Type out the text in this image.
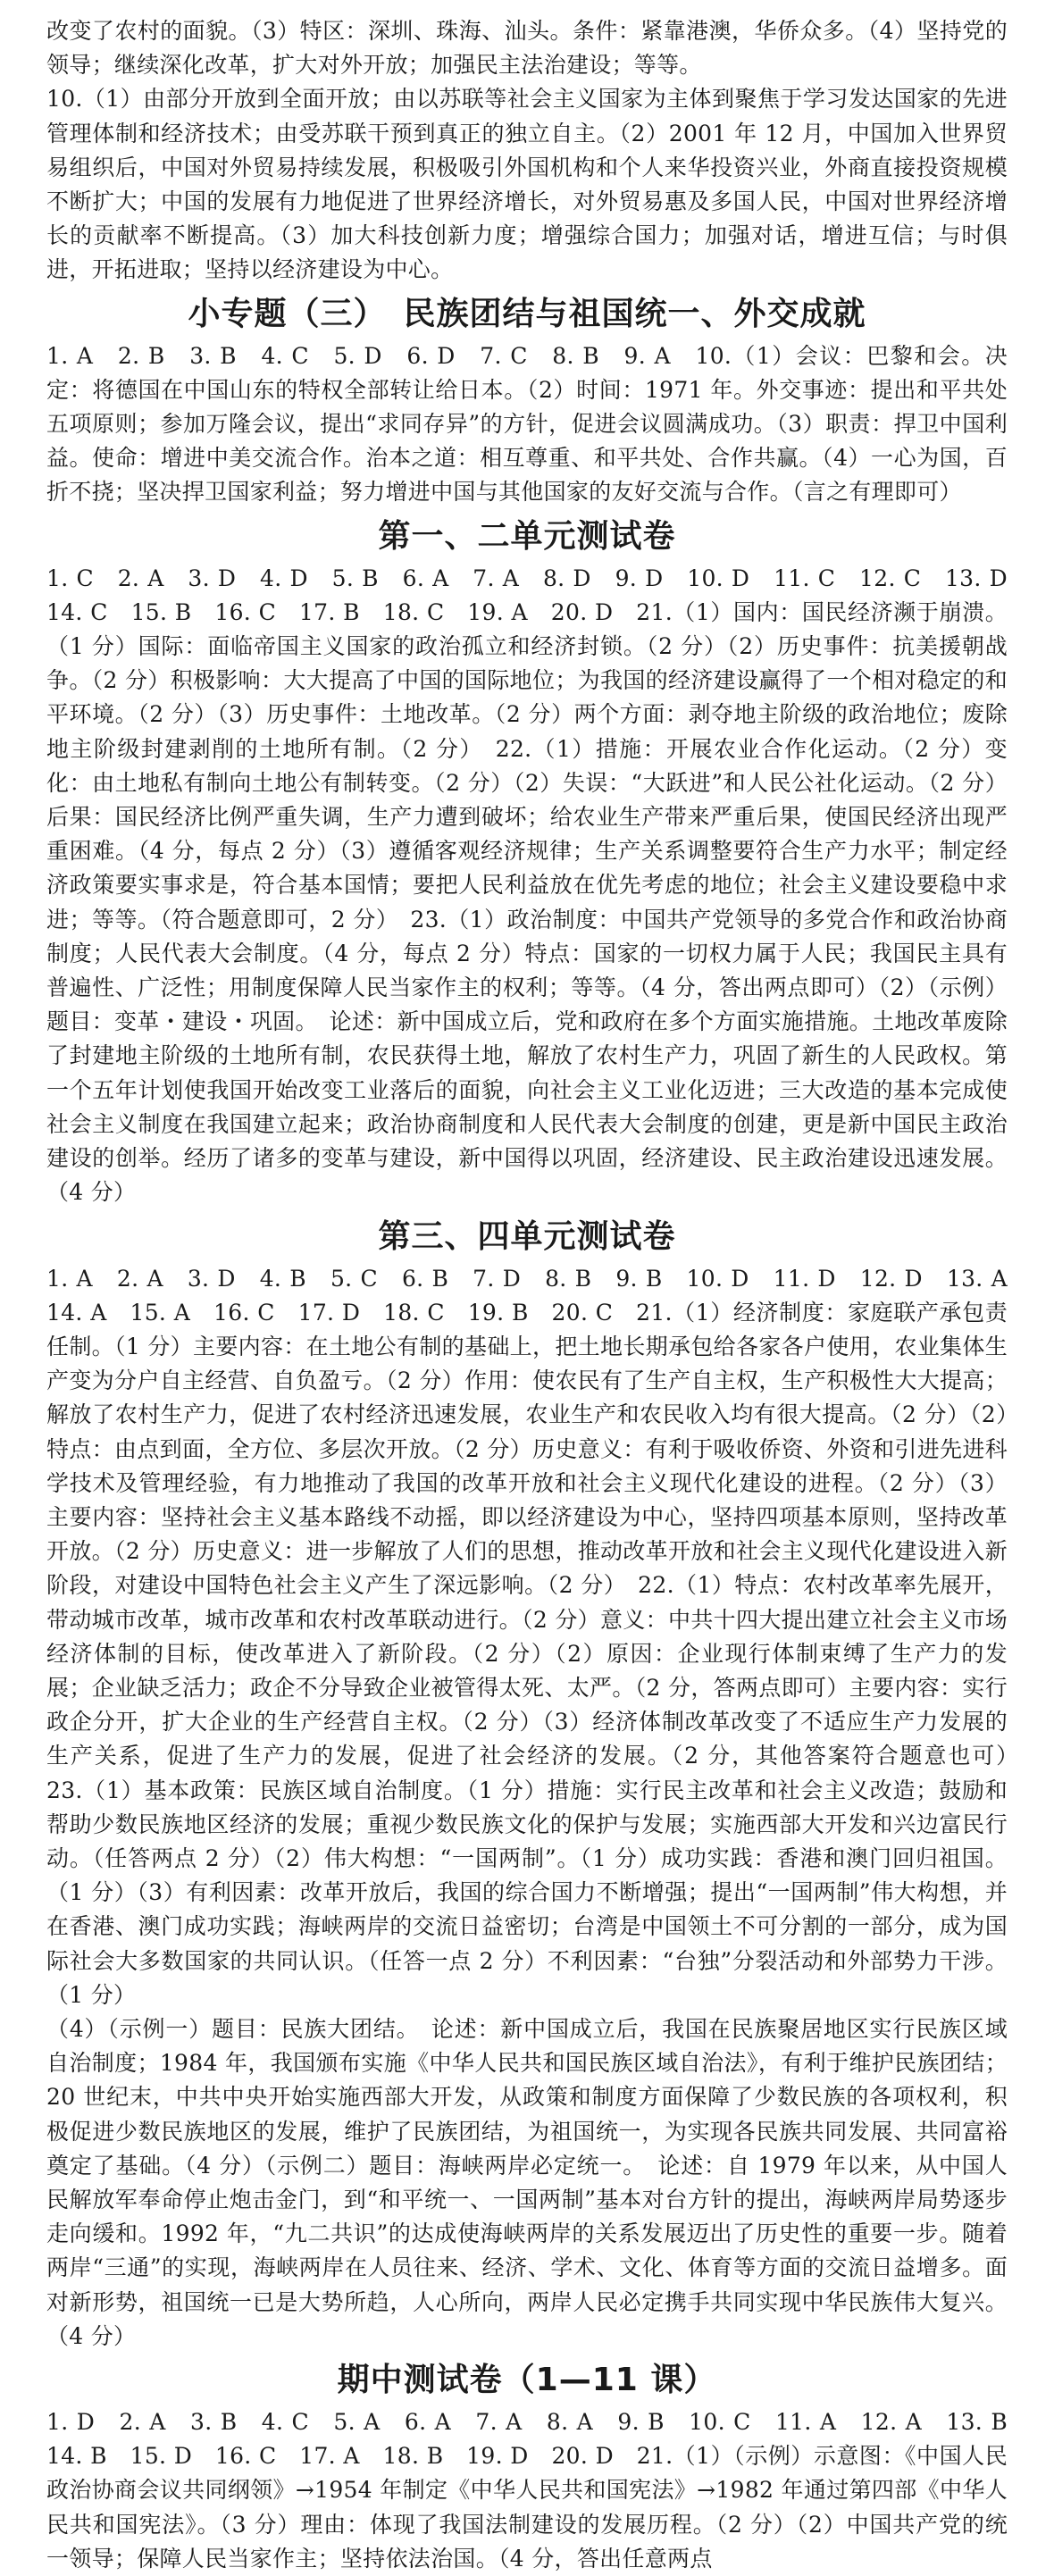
改变了农村的面貌。（3）特区：深圳、珠海、汕头。条件：紧靠港澳，华侨众多。（4）坚持党的领导；继续深化改革，扩大对外开放；加强民主法治建设；等等。

10.（1）由部分开放到全面开放；由以苏联等社会主义国家为主体到聚焦于学习发达国家的先进管理体制和经济技术；由受苏联干预到真正的独立自主。（2）2001 年 12 月，中国加入世界贸易组织后，中国对外贸易持续发展，积极吸引外国机构和个人来华投资兴业，外商直接投资规模不断扩大；中国的发展有力地促进了世界经济增长，对外贸易惠及多国人民，中国对世界经济增长的贡献率不断提高。（3）加大科技创新力度；增强综合国力；加强对话，增进互信；与时俱进，开拓进取；坚持以经济建设为中心。

小专题（三）　民族团结与祖国统一、外交成就

1. A　2. B　3. B　4. C　5. D　6. D　7. C　8. B　9. A　10.（1）会议：巴黎和会。决定：将德国在中国山东的特权全部转让给日本。（2）时间：1971 年。外交事迹：提出和平共处五项原则；参加万隆会议，提出“求同存异”的方针，促进会议圆满成功。（3）职责：捍卫中国利益。使命：增进中美交流合作。治本之道：相互尊重、和平共处、合作共赢。（4）一心为国，百折不挠；坚决捍卫国家利益；努力增进中国与其他国家的友好交流与合作。（言之有理即可）

第一、二单元测试卷

1. C　2. A　3. D　4. D　5. B　6. A　7. A　8. D　9. D　10. D　11. C　12. C　13. D　14. C　15. B　16. C　17. B　18. C　19. A　20. D　21.（1）国内：国民经济濒于崩溃。（1 分）国际：面临帝国主义国家的政治孤立和经济封锁。（2 分）（2）历史事件：抗美援朝战争。（2 分）积极影响：大大提高了中国的国际地位；为我国的经济建设赢得了一个相对稳定的和平环境。（2 分）（3）历史事件：土地改革。（2 分）两个方面：剥夺地主阶级的政治地位；废除地主阶级封建剥削的土地所有制。（2 分）　22.（1）措施：开展农业合作化运动。（2 分）变化：由土地私有制向土地公有制转变。（2 分）（2）失误：“大跃进”和人民公社化运动。（2 分）后果：国民经济比例严重失调，生产力遭到破坏；给农业生产带来严重后果，使国民经济出现严重困难。（4 分，每点 2 分）（3）遵循客观经济规律；生产关系调整要符合生产力水平；制定经济政策要实事求是，符合基本国情；要把人民利益放在优先考虑的地位；社会主义建设要稳中求进；等等。（符合题意即可，2 分）　23.（1）政治制度：中国共产党领导的多党合作和政治协商制度；人民代表大会制度。（4 分，每点 2 分）特点：国家的一切权力属于人民；我国民主具有普遍性、广泛性；用制度保障人民当家作主的权利；等等。（4 分，答出两点即可）（2）（示例）题目：变革・建设・巩固。　论述：新中国成立后，党和政府在多个方面实施措施。土地改革废除了封建地主阶级的土地所有制，农民获得土地，解放了农村生产力，巩固了新生的人民政权。第一个五年计划使我国开始改变工业落后的面貌，向社会主义工业化迈进；三大改造的基本完成使社会主义制度在我国建立起来；政治协商制度和人民代表大会制度的创建，更是新中国民主政治建设的创举。经历了诸多的变革与建设，新中国得以巩固，经济建设、民主政治建设迅速发展。（4 分）

第三、四单元测试卷

1. A　2. A　3. D　4. B　5. C　6. B　7. D　8. B　9. B　10. D　11. D　12. D　13. A　14. A　15. A　16. C　17. D　18. C　19. B　20. C　21.（1）经济制度：家庭联产承包责任制。（1 分）主要内容：在土地公有制的基础上，把土地长期承包给各家各户使用，农业集体生产变为分户自主经营、自负盈亏。（2 分）作用：使农民有了生产自主权，生产积极性大大提高；解放了农村生产力，促进了农村经济迅速发展，农业生产和农民收入均有很大提高。（2 分）（2）特点：由点到面，全方位、多层次开放。（2 分）历史意义：有利于吸收侨资、外资和引进先进科学技术及管理经验，有力地推动了我国的改革开放和社会主义现代化建设的进程。（2 分）（3）主要内容：坚持社会主义基本路线不动摇，即以经济建设为中心，坚持四项基本原则，坚持改革开放。（2 分）历史意义：进一步解放了人们的思想，推动改革开放和社会主义现代化建设进入新阶段，对建设中国特色社会主义产生了深远影响。（2 分）　22.（1）特点：农村改革率先展开，带动城市改革，城市改革和农村改革联动进行。（2 分）意义：中共十四大提出建立社会主义市场经济体制的目标，使改革进入了新阶段。（2 分）（2）原因：企业现行体制束缚了生产力的发展；企业缺乏活力；政企不分导致企业被管得太死、太严。（2 分，答两点即可）主要内容：实行政企分开，扩大企业的生产经营自主权。（2 分）（3）经济体制改革改变了不适应生产力发展的生产关系，促进了生产力的发展，促进了社会经济的发展。（2 分，其他答案符合题意也可）　23.（1）基本政策：民族区域自治制度。（1 分）措施：实行民主改革和社会主义改造；鼓励和帮助少数民族地区经济的发展；重视少数民族文化的保护与发展；实施西部大开发和兴边富民行动。（任答两点 2 分）（2）伟大构想：“一国两制”。（1 分）成功实践：香港和澳门回归祖国。（1 分）（3）有利因素：改革开放后，我国的综合国力不断增强；提出“一国两制”伟大构想，并在香港、澳门成功实践；海峡两岸的交流日益密切；台湾是中国领土不可分割的一部分，成为国际社会大多数国家的共同认识。（任答一点 2 分）不利因素：“台独”分裂活动和外部势力干涉。（1 分）

（4）（示例一）题目：民族大团结。　论述：新中国成立后，我国在民族聚居地区实行民族区域自治制度；1984 年，我国颁布实施《中华人民共和国民族区域自治法》，有利于维护民族团结；20 世纪末，中共中央开始实施西部大开发，从政策和制度方面保障了少数民族的各项权利，积极促进少数民族地区的发展，维护了民族团结，为祖国统一，为实现各民族共同发展、共同富裕奠定了基础。（4 分）（示例二）题目：海峡两岸必定统一。　论述：自 1979 年以来，从中国人民解放军奉命停止炮击金门，到“和平统一、一国两制”基本对台方针的提出，海峡两岸局势逐步走向缓和。1992 年，“九二共识”的达成使海峡两岸的关系发展迈出了历史性的重要一步。随着两岸“三通”的实现，海峡两岸在人员往来、经济、学术、文化、体育等方面的交流日益增多。面对新形势，祖国统一已是大势所趋，人心所向，两岸人民必定携手共同实现中华民族伟大复兴。（4 分）

期中测试卷（1—11 课）

1. D　2. A　3. B　4. C　5. A　6. A　7. A　8. A　9. B　10. C　11. A　12. A　13. B　14. B　15. D　16. C　17. A　18. B　19. D　20. D　21.（1）（示例）示意图：《中国人民政治协商会议共同纲领》→1954 年制定《中华人民共和国宪法》→1982 年通过第四部《中华人民共和国宪法》。（3 分）理由：体现了我国法制建设的发展历程。（2 分）（2）中国共产党的统一领导；保障人民当家作主；坚持依法治国。（4 分，答出任意两点
